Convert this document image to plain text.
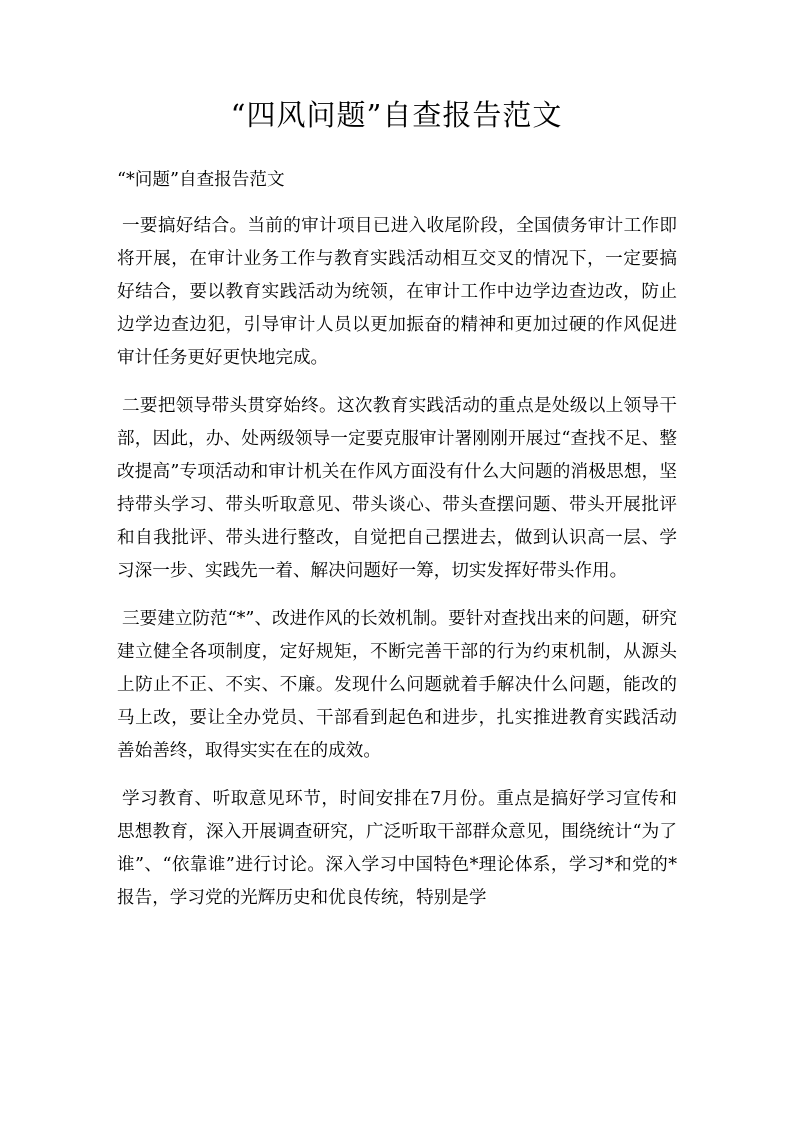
“四风问题”自查报告范文

“*问题”自查报告范文

一要搞好结合。当前的审计项目已进入收尾阶段，全国债务审计工作即将开展，在审计业务工作与教育实践活动相互交叉的情况下，一定要搞好结合，要以教育实践活动为统领，在审计工作中边学边查边改，防止边学边查边犯，引导审计人员以更加振奋的精神和更加过硬的作风促进审计任务更好更快地完成。

二要把领导带头贯穿始终。这次教育实践活动的重点是处级以上领导干部，因此，办、处两级领导一定要克服审计署刚刚开展过“查找不足、整改提高”专项活动和审计机关在作风方面没有什么大问题的消极思想，坚持带头学习、带头听取意见、带头谈心、带头查摆问题、带头开展批评和自我批评、带头进行整改，自觉把自己摆进去，做到认识高一层、学习深一步、实践先一着、解决问题好一筹，切实发挥好带头作用。

三要建立防范“*”、改进作风的长效机制。要针对查找出来的问题，研究建立健全各项制度，定好规矩，不断完善干部的行为约束机制，从源头上防止不正、不实、不廉。发现什么问题就着手解决什么问题，能改的马上改，要让全办党员、干部看到起色和进步，扎实推进教育实践活动善始善终，取得实实在在的成效。

学习教育、听取意见环节，时间安排在7月份。重点是搞好学习宣传和思想教育，深入开展调查研究，广泛听取干部群众意见，围绕统计“为了谁”、“依靠谁”进行讨论。深入学习中国特色*理论体系，学习*和党的*报告，学习党的光辉历史和优良传统，特别是学
